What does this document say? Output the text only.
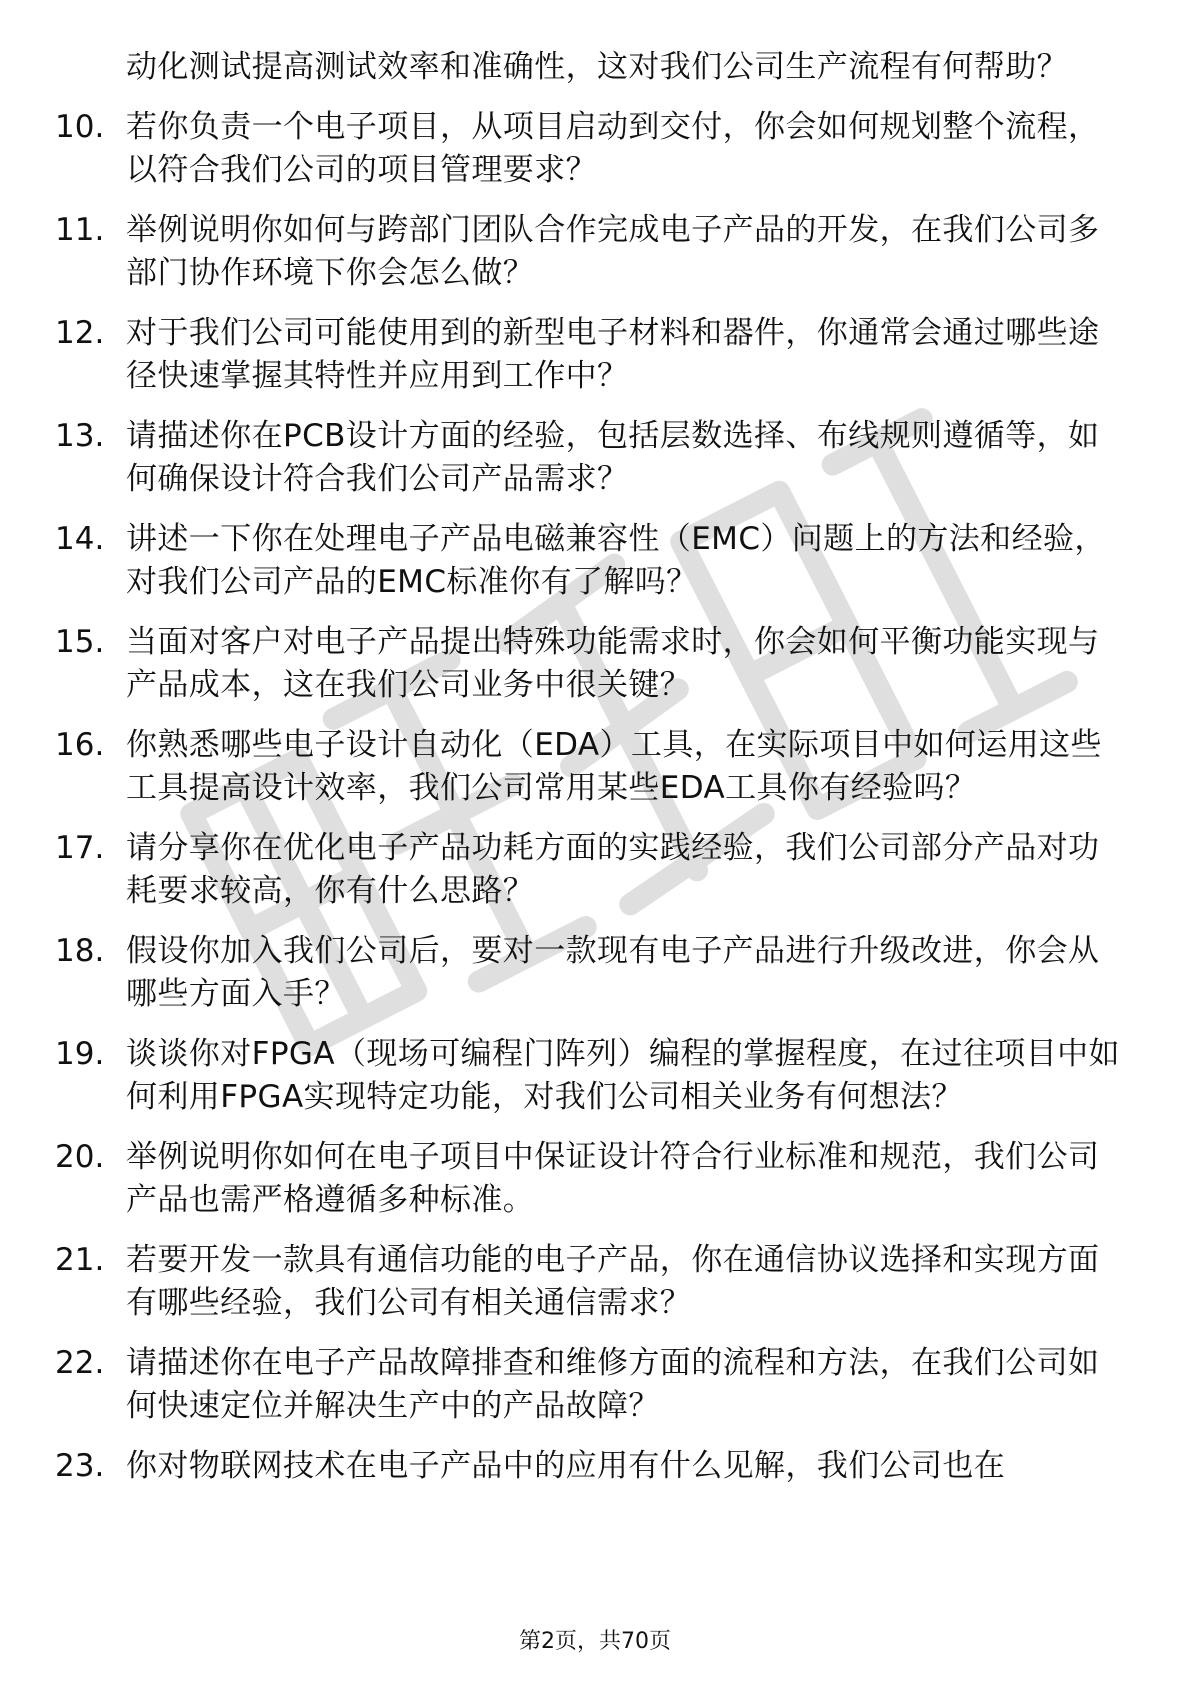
动化测试提高测试效率和准确性，这对我们公司生产流程有何帮助？
10. 若你负责一个电子项目，从项目启动到交付，你会如何规划整个流程，以符合我们公司的项目管理要求？
11. 举例说明你如何与跨部门团队合作完成电子产品的开发，在我们公司多部门协作环境下你会怎么做？
12. 对于我们公司可能使用到的新型电子材料和器件，你通常会通过哪些途径快速掌握其特性并应用到工作中？
13. 请描述你在PCB设计方面的经验，包括层数选择、布线规则遵循等，如何确保设计符合我们公司产品需求？
14. 讲述一下你在处理电子产品电磁兼容性（EMC）问题上的方法和经验，对我们公司产品的EMC标准你有了解吗？
15. 当面对客户对电子产品提出特殊功能需求时，你会如何平衡功能实现与产品成本，这在我们公司业务中很关键？
16. 你熟悉哪些电子设计自动化（EDA）工具，在实际项目中如何运用这些工具提高设计效率，我们公司常用某些EDA工具你有经验吗？
17. 请分享你在优化电子产品功耗方面的实践经验，我们公司部分产品对功耗要求较高，你有什么思路？
18. 假设你加入我们公司后，要对一款现有电子产品进行升级改进，你会从哪些方面入手？
19. 谈谈你对FPGA（现场可编程门阵列）编程的掌握程度，在过往项目中如何利用FPGA实现特定功能，对我们公司相关业务有何想法？
20. 举例说明你如何在电子项目中保证设计符合行业标准和规范，我们公司产品也需严格遵循多种标准。
21. 若要开发一款具有通信功能的电子产品，你在通信协议选择和实现方面有哪些经验，我们公司有相关通信需求？
22. 请描述你在电子产品故障排查和维修方面的流程和方法，在我们公司如何快速定位并解决生产中的产品故障？
23. 你对物联网技术在电子产品中的应用有什么见解，我们公司也在
第2页，共70页
